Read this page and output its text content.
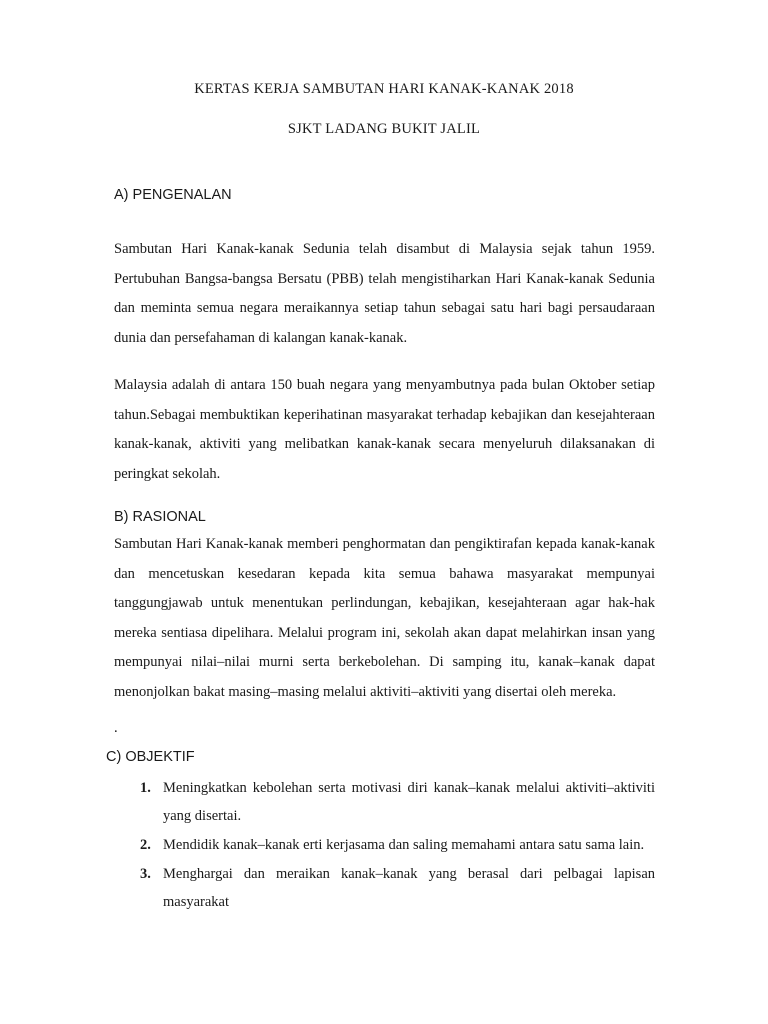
KERTAS KERJA SAMBUTAN HARI KANAK-KANAK 2018
SJKT LADANG BUKIT JALIL
A) PENGENALAN

Sambutan Hari Kanak-kanak Sedunia telah disambut di Malaysia sejak tahun 1959. Pertubuhan Bangsa-bangsa Bersatu (PBB) telah mengistiharkan Hari Kanak-kanak Sedunia dan meminta semua negara meraikannya setiap tahun sebagai satu hari bagi persaudaraan dunia dan persefahaman di kalangan kanak-kanak.

Malaysia adalah di antara 150 buah negara yang menyambutnya pada bulan Oktober setiap tahun.Sebagai membuktikan keperihatinan masyarakat terhadap kebajikan dan kesejahteraan kanak-kanak, aktiviti yang melibatkan kanak-kanak secara menyeluruh dilaksanakan di peringkat sekolah.

B) RASIONAL

Sambutan Hari Kanak-kanak memberi penghormatan dan pengiktirafan kepada kanak-kanak dan mencetuskan kesedaran kepada kita semua bahawa masyarakat mempunyai tanggungjawab untuk menentukan perlindungan, kebajikan, kesejahteraan agar hak-hak mereka sentiasa dipelihara. Melalui program ini, sekolah akan dapat melahirkan insan yang mempunyai nilai–nilai murni serta berkebolehan. Di samping itu, kanak–kanak dapat menonjolkan bakat masing–masing melalui aktiviti–aktiviti yang disertai oleh mereka.

.
C) OBJEKTIF
1. Meningkatkan kebolehan serta motivasi diri kanak–kanak melalui aktiviti–aktiviti yang disertai.
2. Mendidik kanak–kanak erti kerjasama dan saling memahami antara satu sama lain.
3. Menghargai dan meraikan kanak–kanak yang berasal dari pelbagai lapisan masyarakat
